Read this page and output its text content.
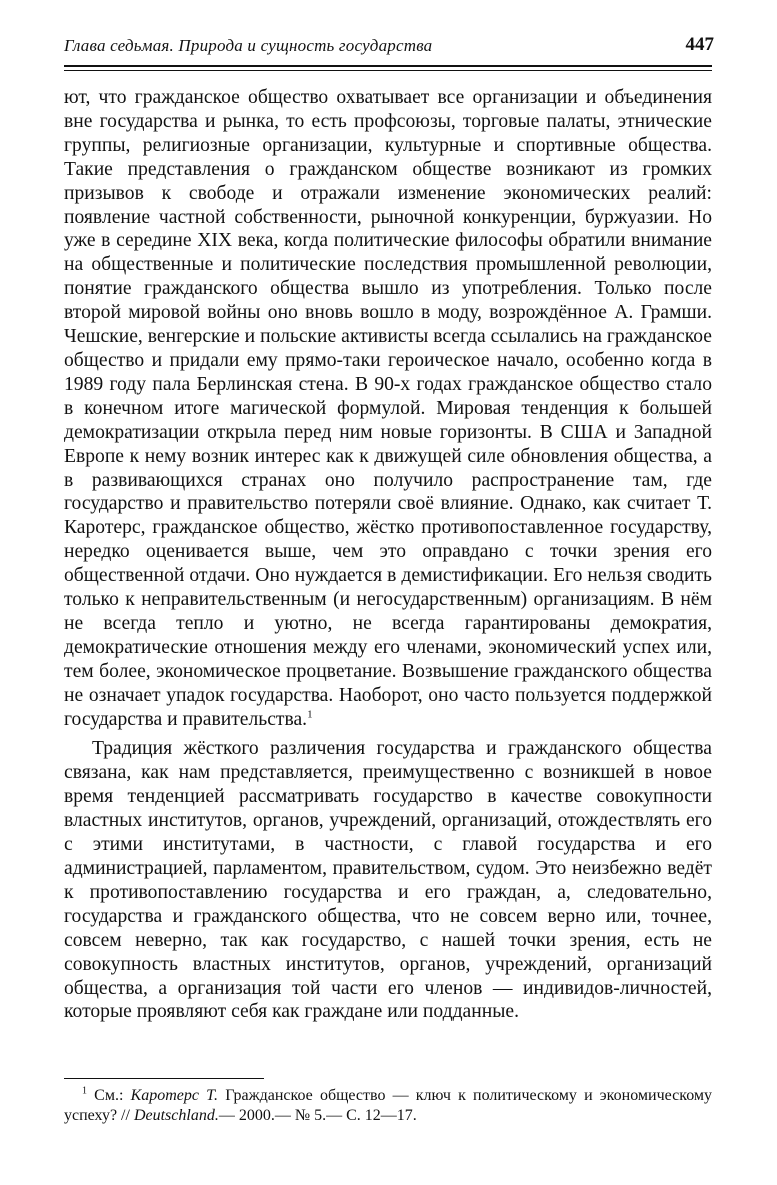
Глава седьмая. Природа и сущность государства	447

ют, что гражданское общество охватывает все организации и объединения вне государства и рынка, то есть профсоюзы, торговые палаты, этнические группы, религиозные организации, культурные и спортивные общества. Такие представления о гражданском обществе возникают из громких призывов к свободе и отражали изменение экономических реалий: появление частной собственности, рыночной конкуренции, буржуазии. Но уже в середине XIX века, когда политические философы обратили внимание на общественные и политические последствия промышленной революции, понятие гражданского общества вышло из употребления. Только после второй мировой войны оно вновь вошло в моду, возрождённое А. Грамши. Чешские, венгерские и польские активисты всегда ссылались на гражданское общество и придали ему прямо-таки героическое начало, особенно когда в 1989 году пала Берлинская стена. В 90-х годах гражданское общество стало в конечном итоге магической формулой. Мировая тенденция к большей демократизации открыла перед ним новые горизонты. В США и Западной Европе к нему возник интерес как к движущей силе обновления общества, а в развивающихся странах оно получило распространение там, где государство и правительство потеряли своё влияние. Однако, как считает Т. Каротерс, гражданское общество, жёстко противопоставленное государству, нередко оценивается выше, чем это оправдано с точки зрения его общественной отдачи. Оно нуждается в демистификации. Его нельзя сводить только к неправительственным (и негосударственным) организациям. В нём не всегда тепло и уютно, не всегда гарантированы демократия, демократические отношения между его членами, экономический успех или, тем более, экономическое процветание. Возвышение гражданского общества не означает упадок государства. Наоборот, оно часто пользуется поддержкой государства и правительства.$^1$

Традиция жёсткого различения государства и гражданского общества связана, как нам представляется, преимущественно с возникшей в новое время тенденцией рассматривать государство в качестве совокупности властных институтов, органов, учреждений, организаций, отождествлять его с этими институтами, в частности, с главой государства и его администрацией, парламентом, правительством, судом. Это неизбежно ведёт к противопоставлению государства и его граждан, а, следовательно, государства и гражданского общества, что не совсем верно или, точнее, совсем неверно, так как государство, с нашей точки зрения, есть не совокупность властных институтов, органов, учреждений, организаций общества, а организация той части его членов — индивидов-личностей, которые проявляют себя как граждане или подданные.

$^1$ См.: Каротерс Т. Гражданское общество — ключ к политическому и экономическому успеху? // Deutschland.— 2000.— № 5.— С. 12—17.
